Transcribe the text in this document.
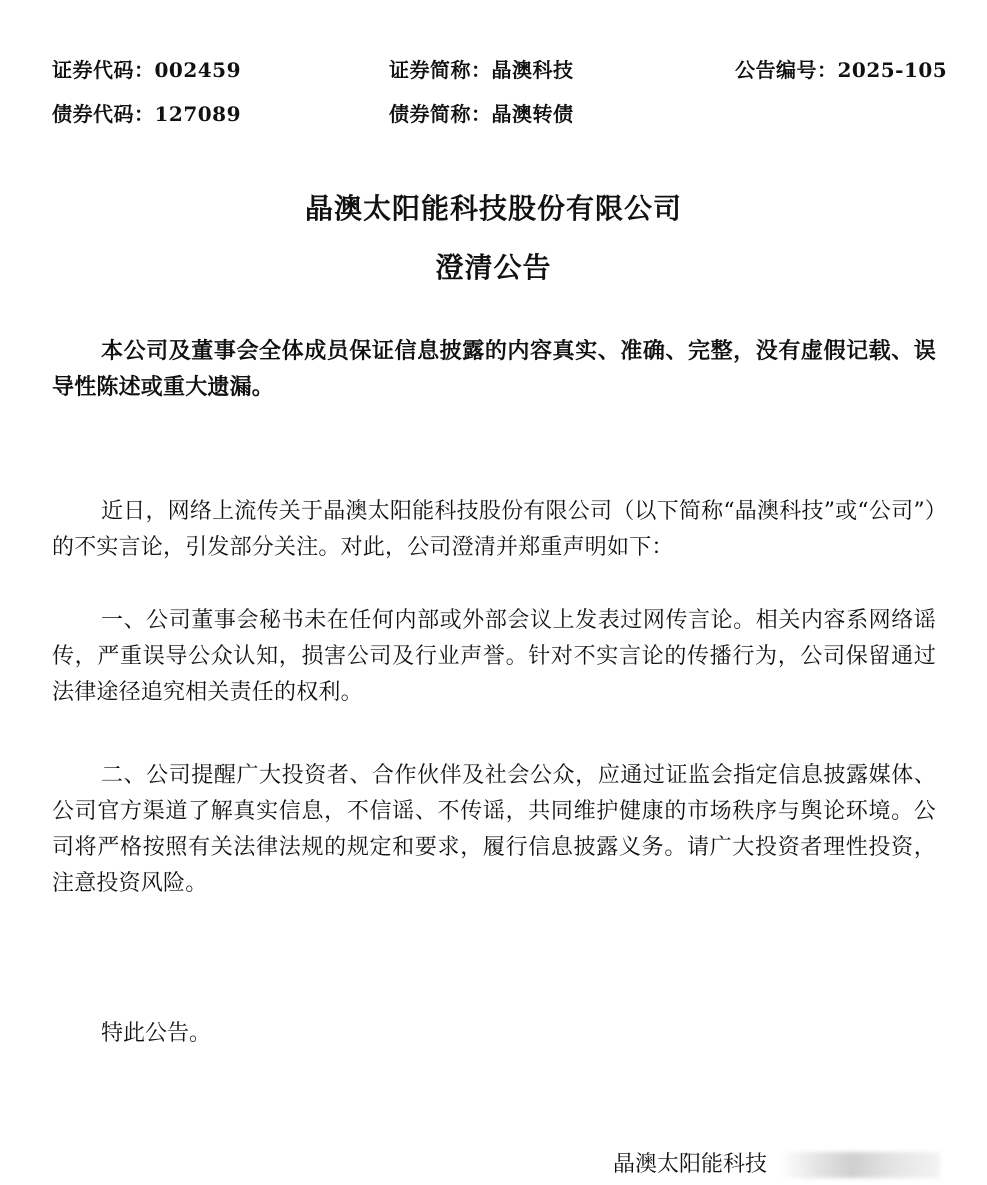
证券代码：002459	证券简称：晶澳科技	公告编号：2025-105
债券代码：127089	债券简称：晶澳转债
晶澳太阳能科技股份有限公司
澄清公告
本公司及董事会全体成员保证信息披露的内容真实、准确、完整，没有虚假记载、误导性陈述或重大遗漏。
近日，网络上流传关于晶澳太阳能科技股份有限公司（以下简称“晶澳科技”或“公司”）的不实言论，引发部分关注。对此，公司澄清并郑重声明如下：
一、公司董事会秘书未在任何内部或外部会议上发表过网传言论。相关内容系网络谣传，严重误导公众认知，损害公司及行业声誉。针对不实言论的传播行为，公司保留通过法律途径追究相关责任的权利。
二、公司提醒广大投资者、合作伙伴及社会公众，应通过证监会指定信息披露媒体、公司官方渠道了解真实信息，不信谣、不传谣，共同维护健康的市场秩序与舆论环境。公司将严格按照有关法律法规的规定和要求，履行信息披露义务。请广大投资者理性投资，注意投资风险。
特此公告。
晶澳太阳能科技
